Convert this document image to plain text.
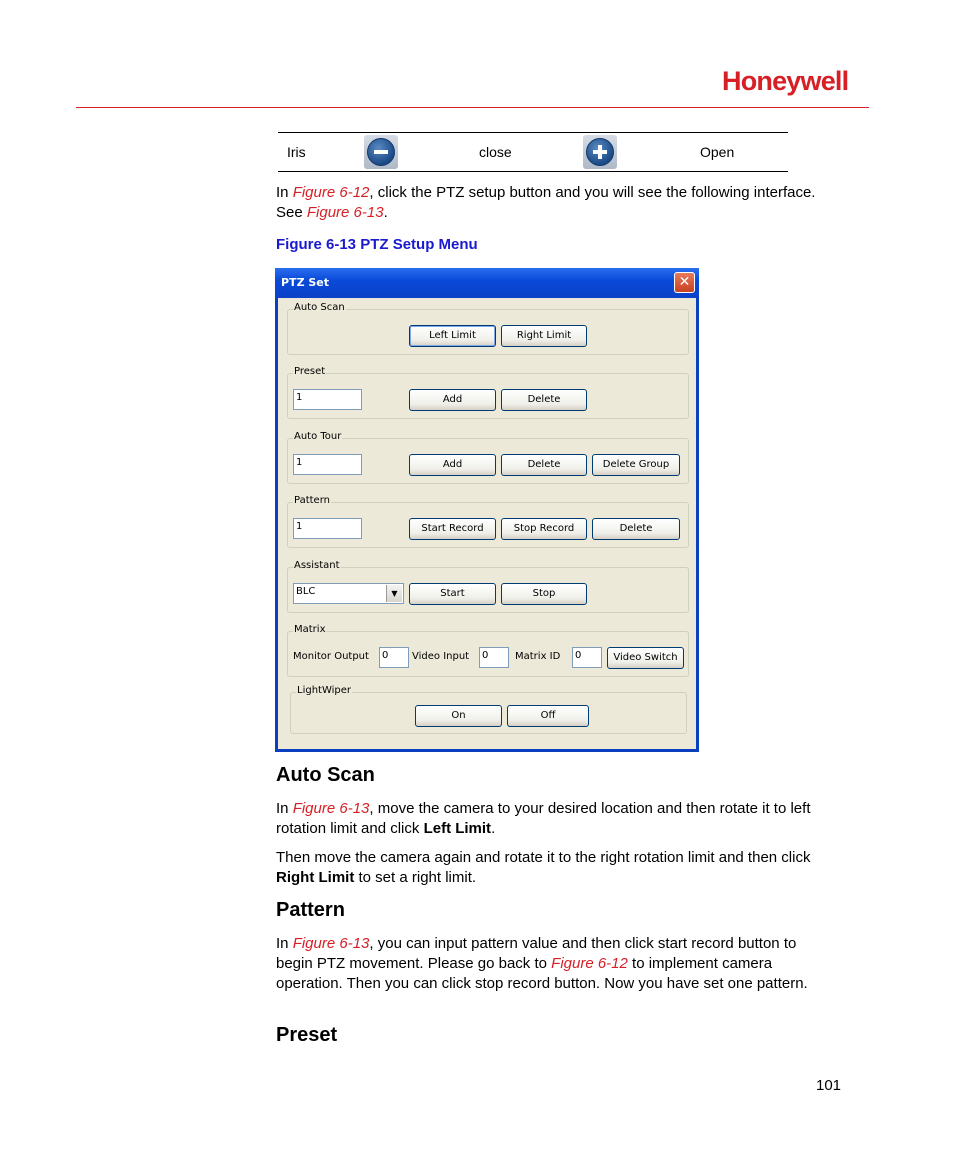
Honeywell
Iris	close	Open
In Figure 6-12, click the PTZ setup button and you will see the following interface. See Figure 6-13.
Figure 6-13 PTZ Setup Menu
PTZ Set	✕
Auto Scan
Left Limit	Right Limit
Preset
1	Add	Delete
Auto Tour
1	Add	Delete	Delete Group
Pattern
1	Start Record	Stop Record	Delete
Assistant
BLC	▼	Start	Stop
Matrix
Monitor Output	0	Video Input	0	Matrix ID	0	Video Switch
LightWiper
On	Off
Auto Scan
In Figure 6-13, move the camera to your desired location and then rotate it to left rotation limit and click Left Limit.
Then move the camera again and rotate it to the right rotation limit and then click Right Limit to set a right limit.
Pattern
In Figure 6-13, you can input pattern value and then click start record button to begin PTZ movement. Please go back to Figure 6-12 to implement camera operation. Then you can click stop record button. Now you have set one pattern.
Preset
101
